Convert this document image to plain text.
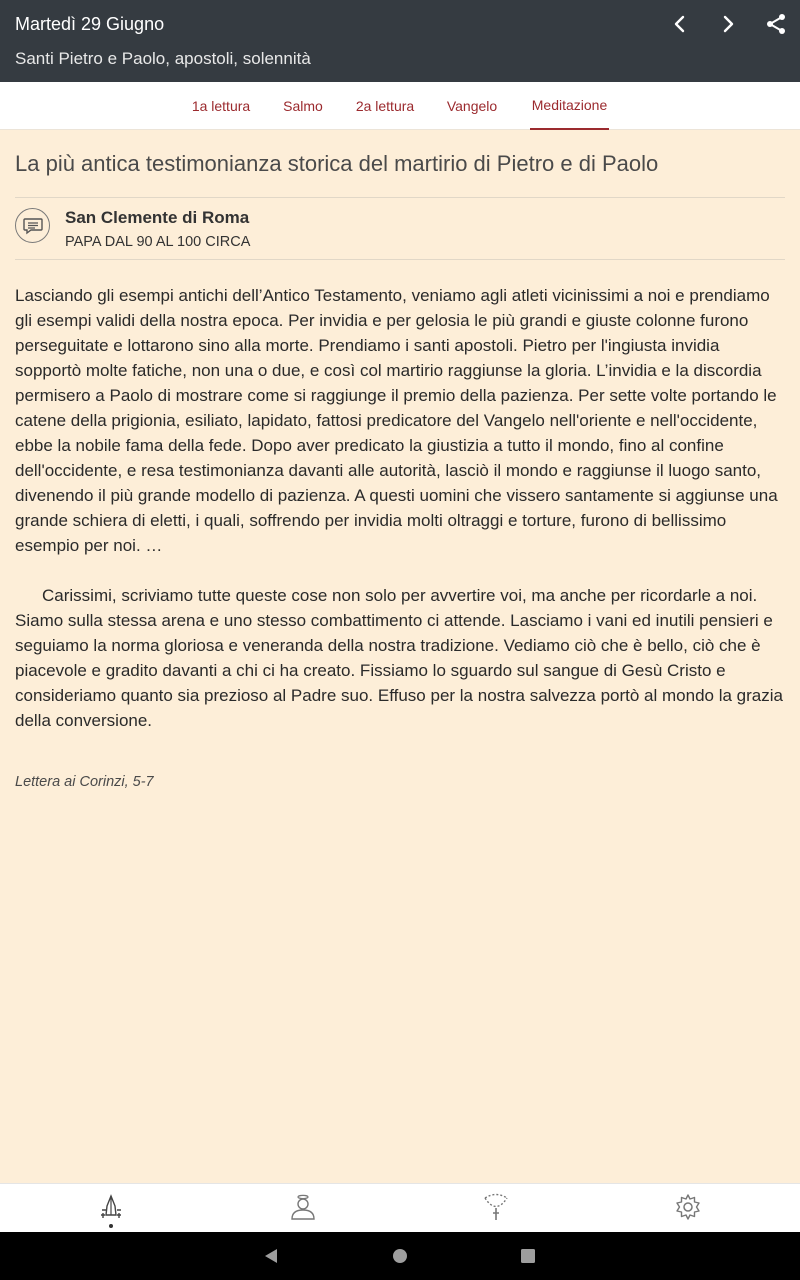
Martedì 29 Giugno
Santi Pietro e Paolo, apostoli, solennità
1a lettura	Salmo	2a lettura	Vangelo	Meditazione
La più antica testimonianza storica del martirio di Pietro e di Paolo
San Clemente di Roma
PAPA DAL 90 AL 100 CIRCA

Lasciando gli esempi antichi dell’Antico Testamento, veniamo agli atleti vicinissimi a noi e prendiamo gli esempi validi della nostra epoca. Per invidia e per gelosia le più grandi e giuste colonne furono perseguitate e lottarono sino alla morte. Prendiamo i santi apostoli. Pietro per l'ingiusta invidia sopportò molte fatiche, non una o due, e così col martirio raggiunse la gloria. L’invidia e la discordia permisero a Paolo di mostrare come si raggiunge il premio della pazienza. Per sette volte portando le catene della prigionia, esiliato, lapidato, fattosi predicatore del Vangelo nell'oriente e nell'occidente, ebbe la nobile fama della fede. Dopo aver predicato la giustizia a tutto il mondo, fino al confine dell'occidente, e resa testimonianza davanti alle autorità, lasciò il mondo e raggiunse il luogo santo, divenendo il più grande modello di pazienza. A questi uomini che vissero santamente si aggiunse una grande schiera di eletti, i quali, soffrendo per invidia molti oltraggi e torture, furono di bellissimo esempio per noi. …

Carissimi, scriviamo tutte queste cose non solo per avvertire voi, ma anche per ricordarle a noi. Siamo sulla stessa arena e uno stesso combattimento ci attende. Lasciamo i vani ed inutili pensieri e seguiamo la norma gloriosa e veneranda della nostra tradizione. Vediamo ciò che è bello, ciò che è piacevole e gradito davanti a chi ci ha creato. Fissiamo lo sguardo sul sangue di Gesù Cristo e consideriamo quanto sia prezioso al Padre suo. Effuso per la nostra salvezza portò al mondo la grazia della conversione.

Lettera ai Corinzi, 5-7
